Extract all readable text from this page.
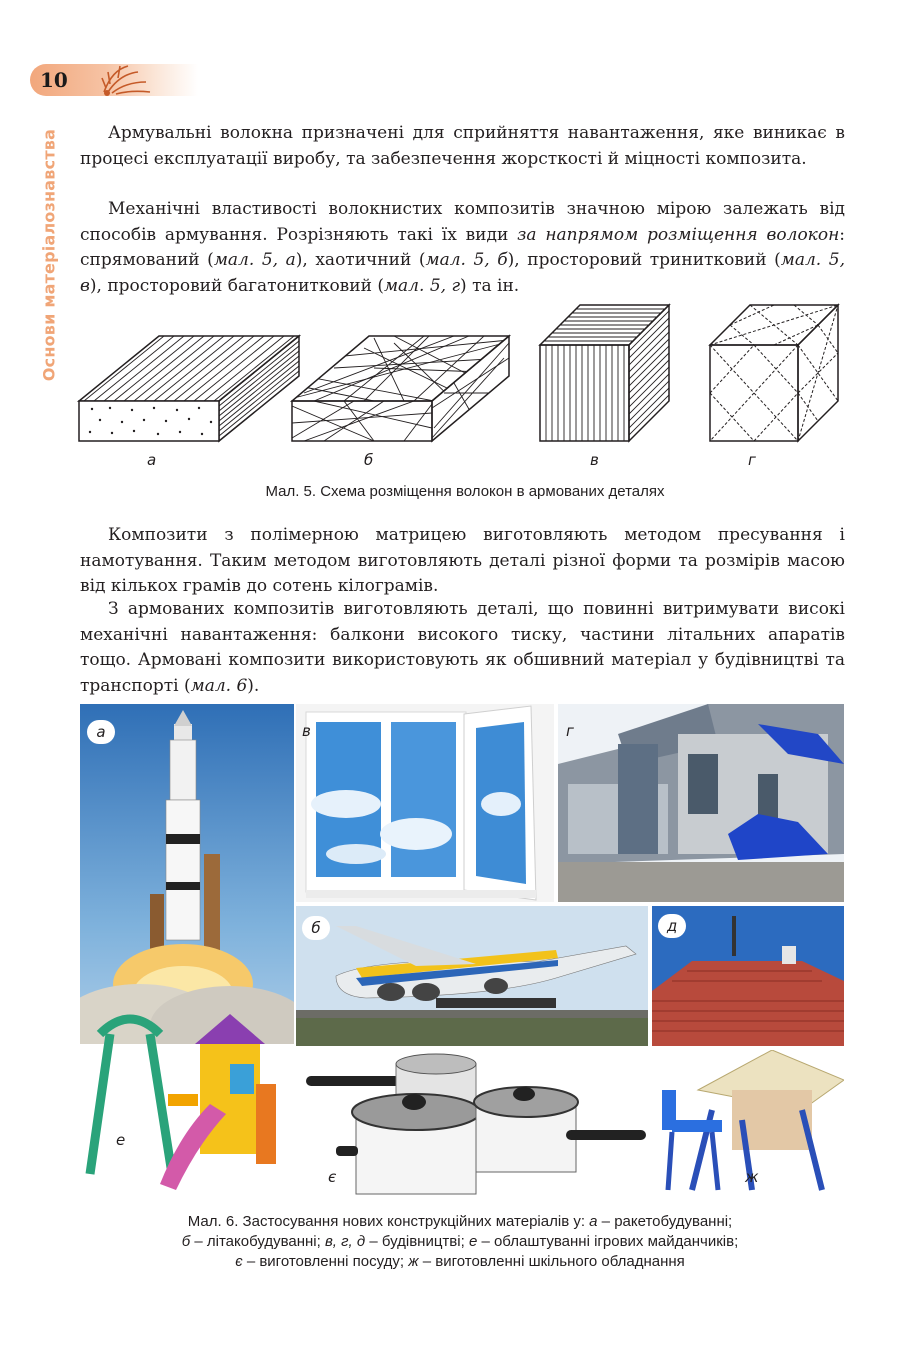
10
Основи матеріалознавства	Армувальні волокна призначені для сприйняття навантаження, яке виникає в процесі експлуатації виробу, та забезпечення жорсткості й міцності композита.

Механічні властивості волокнистих композитів значною мірою залежать від способів армування. Розрізняють такі їх види за напрямом розміщення волокон: спрямований (мал. 5, а), хаотичний (мал. 5, б), просторовий тринитковий (мал. 5, в), просторовий багатонитковий (мал. 5, г) та ін.

а	б	в	г
Мал. 5. Схема розміщення волокон в армованих деталях

Композити з полімерною матрицею виготовляють методом пресування і намотування. Таким методом виготовляють деталі різної форми та розмірів масою від кількох грамів до сотень кілограмів.

З армованих композитів виготовляють деталі, що повинні витримувати високі механічні навантаження: балкони високого тиску, частини літальних апаратів тощо. Армовані композити використовують як обшивний матеріал у будівництві та транспорті (мал. 6).

а
е
в	г
б	д
є	ж
Мал. 6. Застосування нових конструкційних матеріалів у: а – ракетобудуванні;
б – літакобудуванні; в, г, д – будівництві; е – облаштуванні ігрових майданчиків;
є – виготовленні посуду; ж – виготовленні шкільного обладнання
